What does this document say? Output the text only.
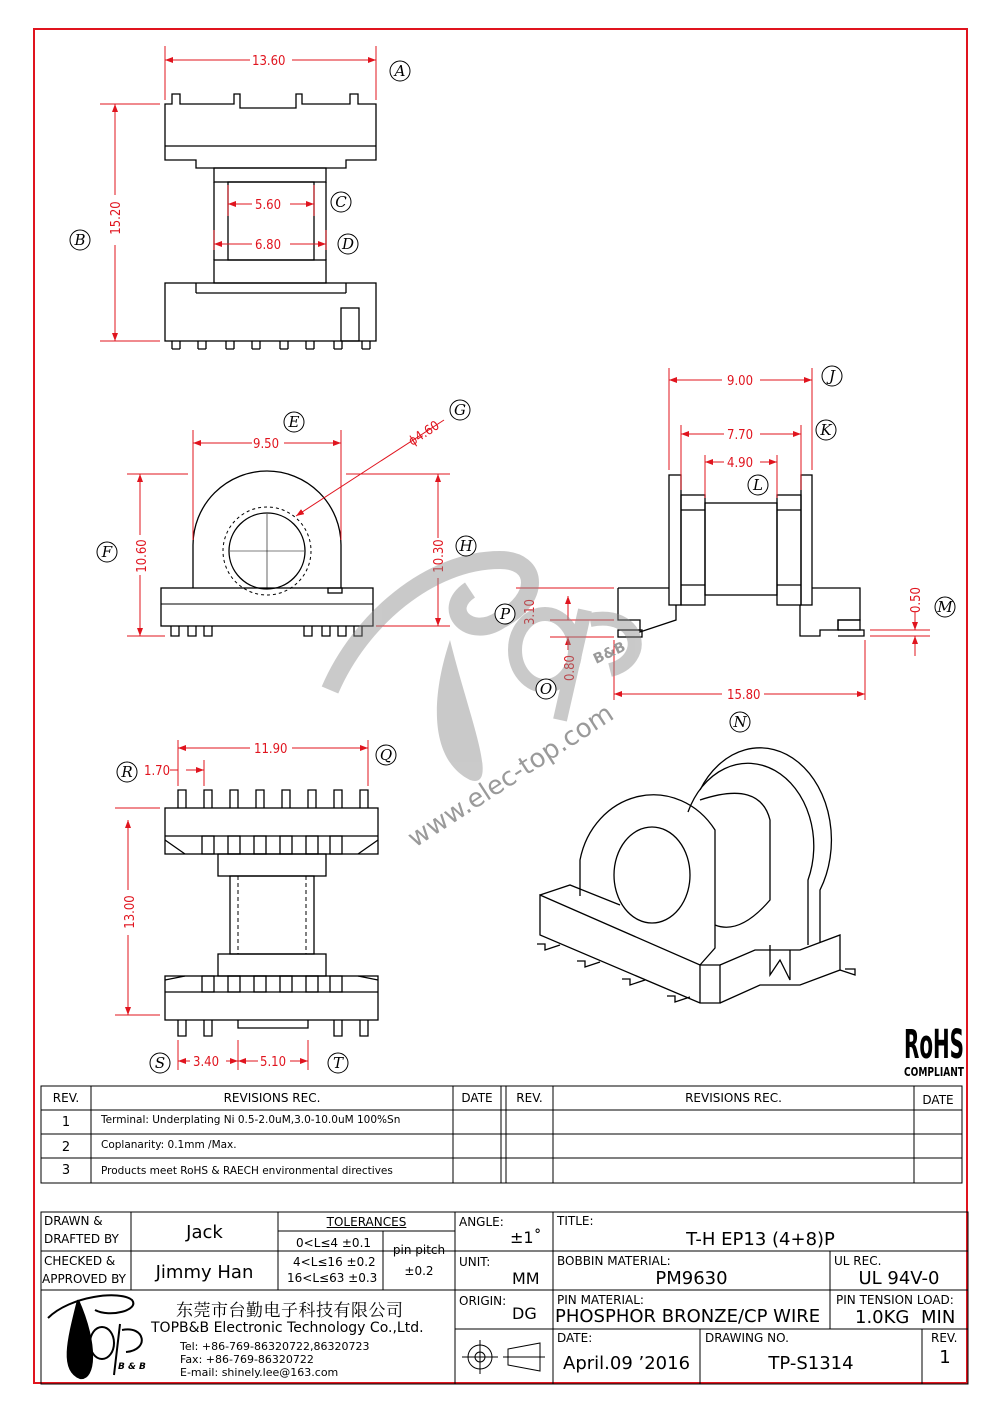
13.60
15.20	5.60
6.80
9.50
10.60	10.30
ϕ4.60
9.00
7.70
4.90
15.80
3.10
0.80
0.50
11.90
1.70
13.00
3.40	5.10
B&B
www.elec-top.com
A
B
C
D
E
G
F	H
J
K
L
M
N
O
P
Q
R
S	T	RoHS
COMPLIANT
REV.	REVISIONS REC.	DATE	REV.	REVISIONS REC.	DATE
1	Terminal: Underplating Ni 0.5-2.0uM,3.0-10.0uM 100%Sn
2	Coplanarity: 0.1mm /Max.
3	Products meet RoHS & RAECH environmental directives
DRAWN &
DRAFTED BY	Jack
CHECKED &
APPROVED BY	Jimmy Han
TOLERANCES
0<L≤4 ±0.1
4<L≤16 ±0.2
16<L≤63 ±0.3
pin pitch
±0.2
ANGLE:
±1˚
UNIT:
MM
ORIGIN:
DG
TITLE:
T-H EP13 (4+8)P
BOBBIN MATERIAL:
PM9630
UL REC.
UL 94V-0
PIN MATERIAL:
PHOSPHOR BRONZE/CP WIRE
PIN TENSION LOAD:
1.0KG MIN
DATE:
April.09 ’2016
DRAWING NO.
TP-S1314
REV.
1
东莞市台勤电子科技有限公司
TOPB&B Electronic Technology Co.,Ltd.
Tel: +86-769-86320722,86320723
Fax: +86-769-86320722
E-mail: shinely.lee@163.com
B & B
